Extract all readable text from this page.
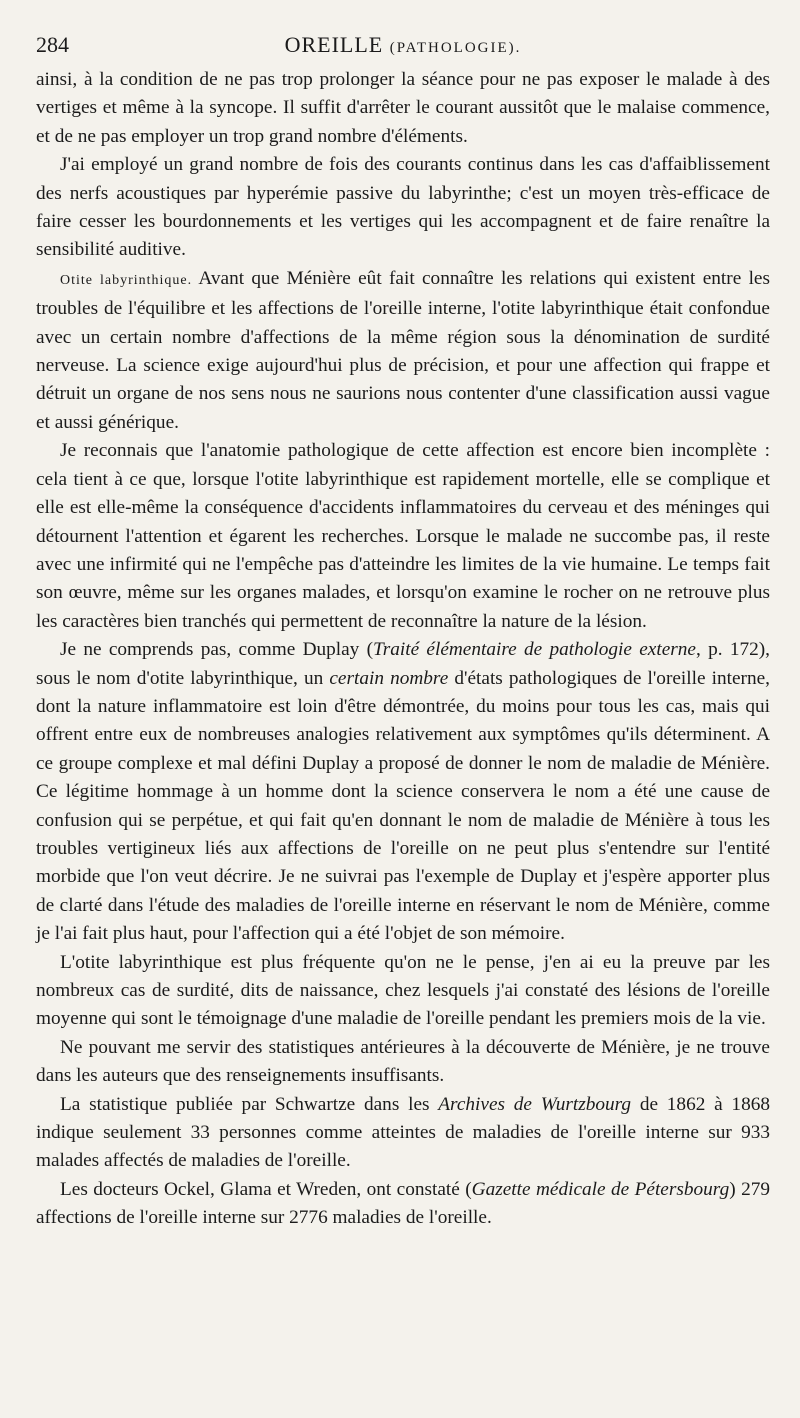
284	OREILLE (PATHOLOGIE).

ainsi, à la condition de ne pas trop prolonger la séance pour ne pas exposer le malade à des vertiges et même à la syncope. Il suffit d'arrêter le courant aussitôt que le malaise commence, et de ne pas employer un trop grand nombre d'éléments.

J'ai employé un grand nombre de fois des courants continus dans les cas d'affaiblissement des nerfs acoustiques par hyperémie passive du labyrinthe; c'est un moyen très-efficace de faire cesser les bourdonnements et les vertiges qui les accompagnent et de faire renaître la sensibilité auditive.

Otite labyrinthique. Avant que Ménière eût fait connaître les relations qui existent entre les troubles de l'équilibre et les affections de l'oreille interne, l'otite labyrinthique était confondue avec un certain nombre d'affections de la même région sous la dénomination de surdité nerveuse. La science exige aujourd'hui plus de précision, et pour une affection qui frappe et détruit un organe de nos sens nous ne saurions nous contenter d'une classification aussi vague et aussi générique.

Je reconnais que l'anatomie pathologique de cette affection est encore bien incomplète : cela tient à ce que, lorsque l'otite labyrinthique est rapidement mortelle, elle se complique et elle est elle-même la conséquence d'accidents inflammatoires du cerveau et des méninges qui détournent l'attention et égarent les recherches. Lorsque le malade ne succombe pas, il reste avec une infirmité qui ne l'empêche pas d'atteindre les limites de la vie humaine. Le temps fait son œuvre, même sur les organes malades, et lorsqu'on examine le rocher on ne retrouve plus les caractères bien tranchés qui permettent de reconnaître la nature de la lésion.

Je ne comprends pas, comme Duplay (Traité élémentaire de pathologie externe, p. 172), sous le nom d'otite labyrinthique, un certain nombre d'états pathologiques de l'oreille interne, dont la nature inflammatoire est loin d'être démontrée, du moins pour tous les cas, mais qui offrent entre eux de nombreuses analogies relativement aux symptômes qu'ils déterminent. A ce groupe complexe et mal défini Duplay a proposé de donner le nom de maladie de Ménière. Ce légitime hommage à un homme dont la science conservera le nom a été une cause de confusion qui se perpétue, et qui fait qu'en donnant le nom de maladie de Ménière à tous les troubles vertigineux liés aux affections de l'oreille on ne peut plus s'entendre sur l'entité morbide que l'on veut décrire. Je ne suivrai pas l'exemple de Duplay et j'espère apporter plus de clarté dans l'étude des maladies de l'oreille interne en réservant le nom de Ménière, comme je l'ai fait plus haut, pour l'affection qui a été l'objet de son mémoire.

L'otite labyrinthique est plus fréquente qu'on ne le pense, j'en ai eu la preuve par les nombreux cas de surdité, dits de naissance, chez lesquels j'ai constaté des lésions de l'oreille moyenne qui sont le témoignage d'une maladie de l'oreille pendant les premiers mois de la vie.

Ne pouvant me servir des statistiques antérieures à la découverte de Ménière, je ne trouve dans les auteurs que des renseignements insuffisants.

La statistique publiée par Schwartze dans les Archives de Wurtzbourg de 1862 à 1868 indique seulement 33 personnes comme atteintes de maladies de l'oreille interne sur 933 malades affectés de maladies de l'oreille.

Les docteurs Ockel, Glama et Wreden, ont constaté (Gazette médicale de Pétersbourg) 279 affections de l'oreille interne sur 2776 maladies de l'oreille.
